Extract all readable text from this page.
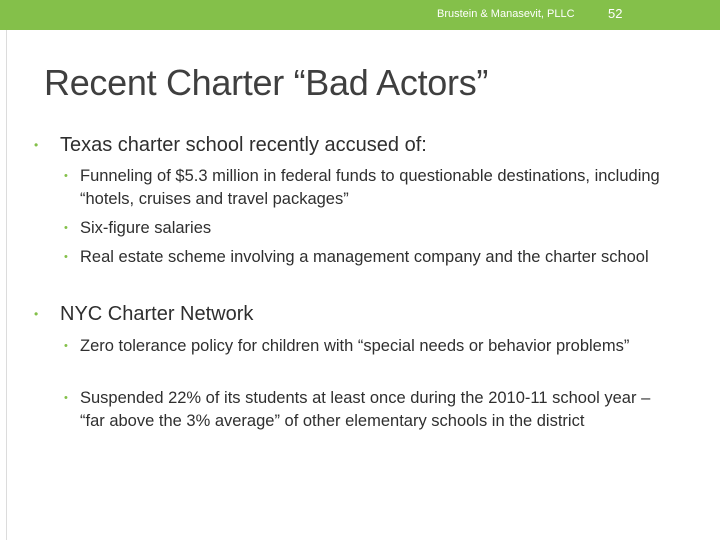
Brustein & Manasevit, PLLC	52
Recent Charter “Bad Actors”
• Texas charter school recently accused of:
• Funneling of $5.3 million in federal funds to questionable destinations, including “hotels, cruises and travel packages”
• Six-figure salaries
• Real estate scheme involving a management company and the charter school
• NYC Charter Network
• Zero tolerance policy for children with “special needs or behavior problems”
• Suspended 22% of its students at least once during the 2010-11 school year – “far above the 3% average” of other elementary schools in the district
